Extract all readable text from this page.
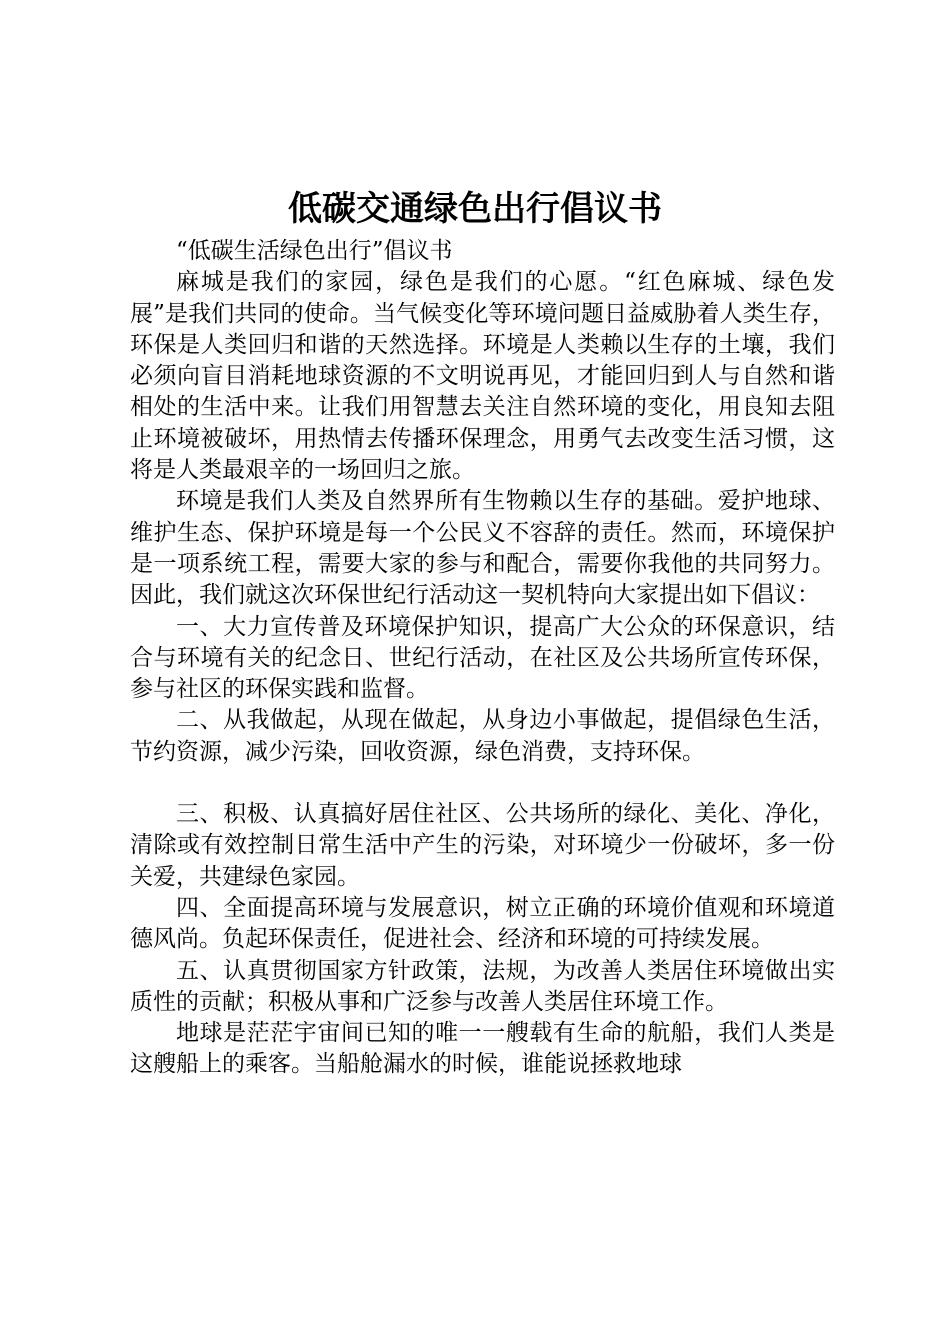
低碳交通绿色出行倡议书

“低碳生活绿色出行”倡议书

麻城是我们的家园，绿色是我们的心愿。“红色麻城、绿色发展”是我们共同的使命。当气候变化等环境问题日益威胁着人类生存，环保是人类回归和谐的天然选择。环境是人类赖以生存的土壤，我们必须向盲目消耗地球资源的不文明说再见，才能回归到人与自然和谐相处的生活中来。让我们用智慧去关注自然环境的变化，用良知去阻止环境被破坏，用热情去传播环保理念，用勇气去改变生活习惯，这将是人类最艰辛的一场回归之旅。

环境是我们人类及自然界所有生物赖以生存的基础。爱护地球、维护生态、保护环境是每一个公民义不容辞的责任。然而，环境保护是一项系统工程，需要大家的参与和配合，需要你我他的共同努力。因此，我们就这次环保世纪行活动这一契机特向大家提出如下倡议：

一、大力宣传普及环境保护知识，提高广大公众的环保意识，结合与环境有关的纪念日、世纪行活动，在社区及公共场所宣传环保，参与社区的环保实践和监督。

二、从我做起，从现在做起，从身边小事做起，提倡绿色生活，节约资源，减少污染，回收资源，绿色消费，支持环保。

三、积极、认真搞好居住社区、公共场所的绿化、美化、净化，清除或有效控制日常生活中产生的污染，对环境少一份破坏，多一份关爱，共建绿色家园。

四、全面提高环境与发展意识，树立正确的环境价值观和环境道德风尚。负起环保责任，促进社会、经济和环境的可持续发展。

五、认真贯彻国家方针政策，法规，为改善人类居住环境做出实质性的贡献；积极从事和广泛参与改善人类居住环境工作。

地球是茫茫宇宙间已知的唯一一艘载有生命的航船，我们人类是这艘船上的乘客。当船舱漏水的时候，谁能说拯救地球
